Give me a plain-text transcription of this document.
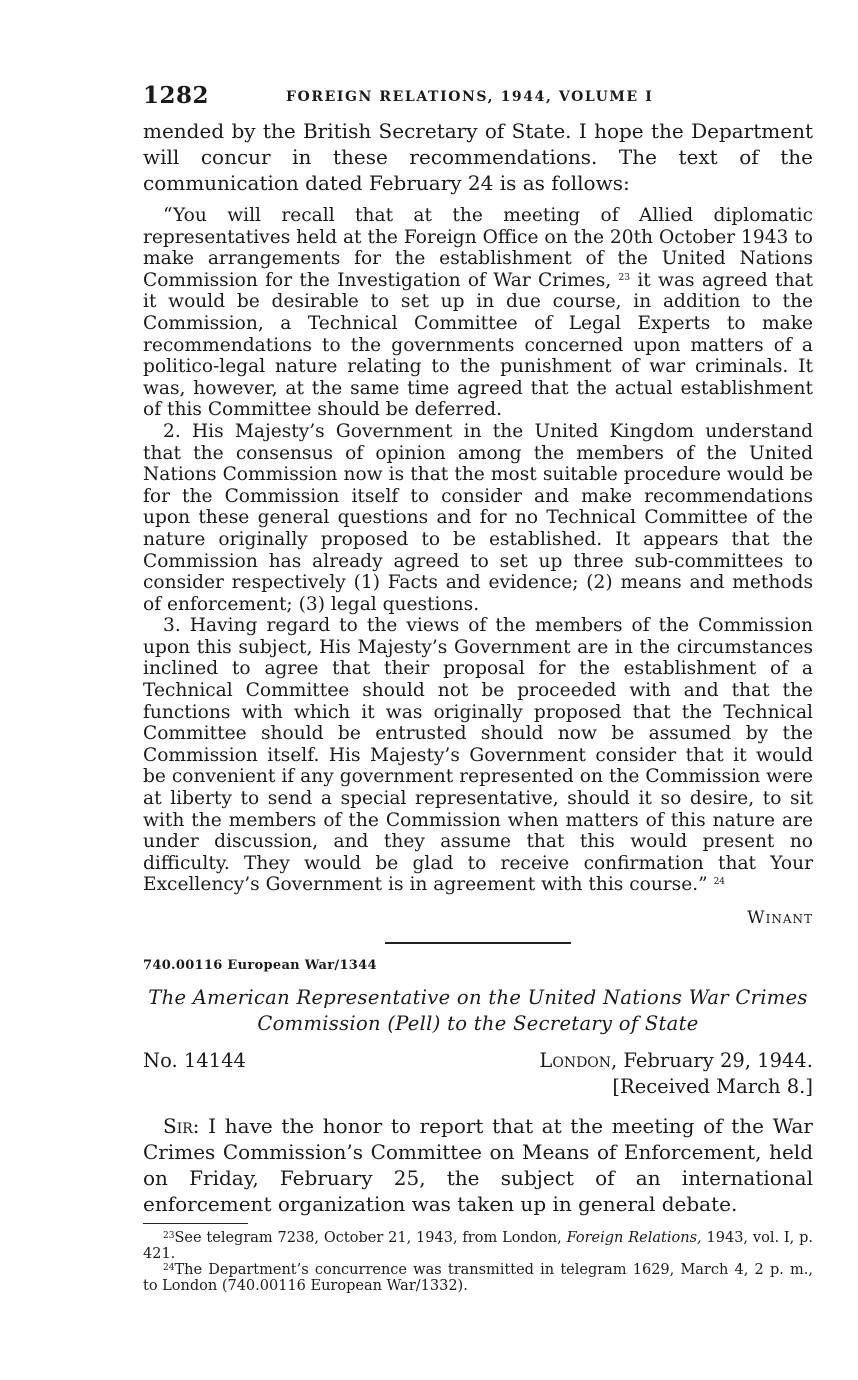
1282	FOREIGN RELATIONS, 1944, VOLUME I

mended by the British Secretary of State. I hope the Department will concur in these recommendations. The text of the communication dated February 24 is as follows:

“You will recall that at the meeting of Allied diplomatic representatives held at the Foreign Office on the 20th October 1943 to make arrangements for the establishment of the United Nations Commission for the Investigation of War Crimes, $^{23}$ it was agreed that it would be desirable to set up in due course, in addition to the Commission, a Technical Committee of Legal Experts to make recommendations to the governments concerned upon matters of a politico-legal nature relating to the punishment of war criminals. It was, however, at the same time agreed that the actual establishment of this Committee should be deferred.

2. His Majesty’s Government in the United Kingdom understand that the consensus of opinion among the members of the United Nations Commission now is that the most suitable procedure would be for the Commission itself to consider and make recommendations upon these general questions and for no Technical Committee of the nature originally proposed to be established. It appears that the Commission has already agreed to set up three sub-committees to consider respectively (1) Facts and evidence; (2) means and methods of enforcement; (3) legal questions.

3. Having regard to the views of the members of the Commission upon this subject, His Majesty’s Government are in the circumstances inclined to agree that their proposal for the establishment of a Technical Committee should not be proceeded with and that the functions with which it was originally proposed that the Technical Committee should be entrusted should now be assumed by the Commission itself. His Majesty’s Government consider that it would be convenient if any government represented on the Commission were at liberty to send a special representative, should it so desire, to sit with the members of the Commission when matters of this nature are under discussion, and they assume that this would present no difficulty. They would be glad to receive confirmation that Your Excellency’s Government is in agreement with this course.” $^{24}$

Winant
740.00116 European War/1344
The American Representative on the United Nations War Crimes Commission (Pell) to the Secretary of State
No. 14144	London, February 29, 1944.
[Received March 8.]

Sir: I have the honor to report that at the meeting of the War Crimes Commission’s Committee on Means of Enforcement, held on Friday, February 25, the subject of an international enforcement organization was taken up in general debate.

$^{23}$See telegram 7238, October 21, 1943, from London, Foreign Relations, 1943, vol. I, p. 421.

$^{24}$The Department’s concurrence was transmitted in telegram 1629, March 4, 2 p. m., to London (740.00116 European War/1332).
